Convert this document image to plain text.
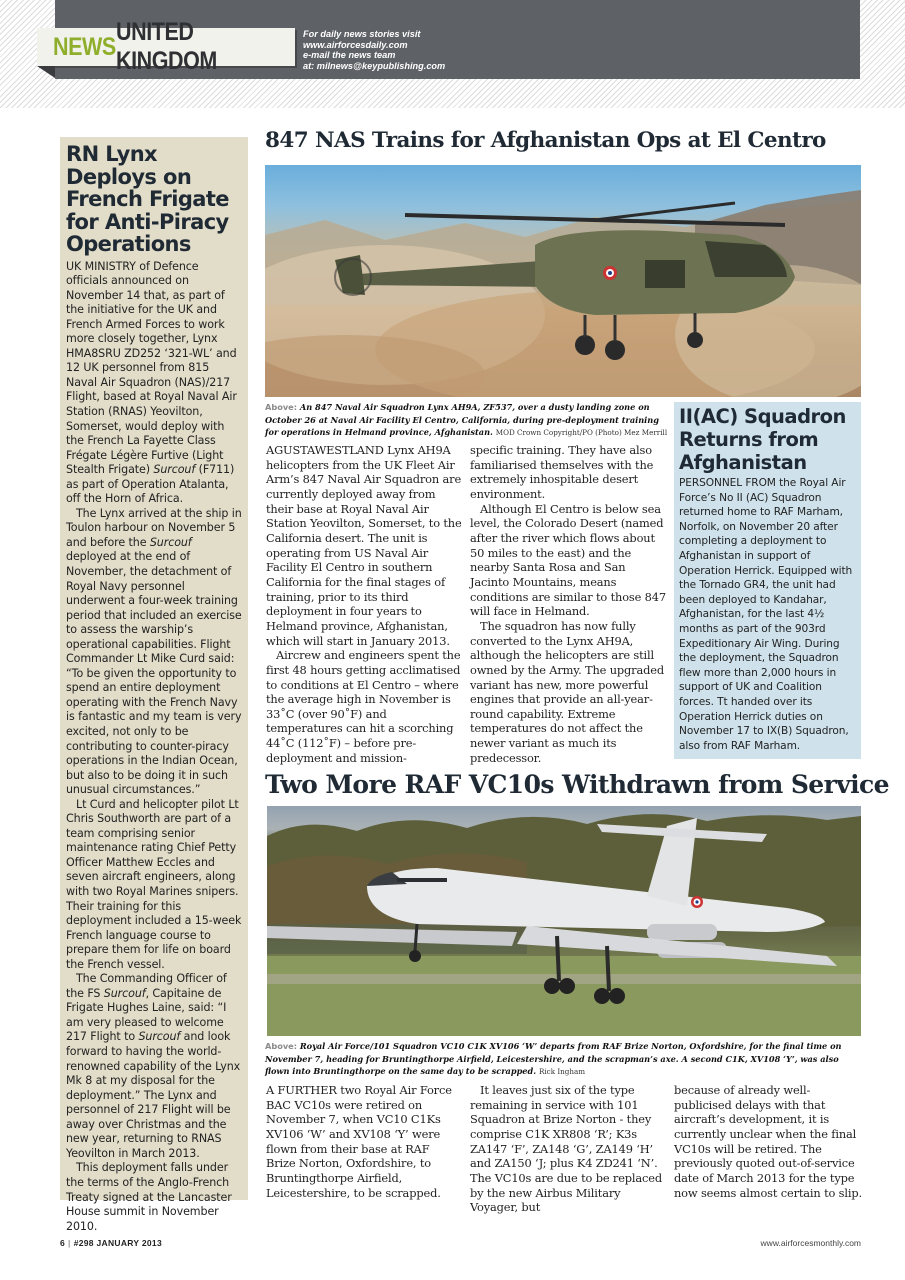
NEWS
UNITED KINGDOM
For daily news stories visit
www.airforcesdaily.com
e-mail the news team
at: milnews@keypublishing.com
RN Lynx Deploys on French Frigate for Anti-Piracy Operations

UK MINISTRY of Defence officials announced on November 14 that, as part of the initiative for the UK and French Armed Forces to work more closely together, Lynx HMA8SRU ZD252 ‘321-WL’ and 12 UK personnel from 815 Naval Air Squadron (NAS)/217 Flight, based at Royal Naval Air Station (RNAS) Yeovilton, Somerset, would deploy with the French La Fayette Class Frégate Légère Furtive (Light Stealth Frigate) Surcouf (F711) as part of Operation Atalanta, off the Horn of Africa.

The Lynx arrived at the ship in Toulon harbour on November 5 and before the Surcouf deployed at the end of November, the detachment of Royal Navy personnel underwent a four-week training period that included an exercise to assess the warship’s operational capabilities. Flight Commander Lt Mike Curd said: “To be given the opportunity to spend an entire deployment operating with the French Navy is fantastic and my team is very excited, not only to be contributing to counter-piracy operations in the Indian Ocean, but also to be doing it in such unusual circumstances.”

Lt Curd and helicopter pilot Lt Chris Southworth are part of a team comprising senior maintenance rating Chief Petty Officer Matthew Eccles and seven aircraft engineers, along with two Royal Marines snipers. Their training for this deployment included a 15-week French language course to prepare them for life on board the French vessel.

The Commanding Officer of the FS Surcouf, Capitaine de Frigate Hughes Laine, said: “I am very pleased to welcome 217 Flight to Surcouf and look forward to having the world-renowned capability of the Lynx Mk 8 at my disposal for the deployment.” The Lynx and personnel of 217 Flight will be away over Christmas and the new year, returning to RNAS Yeovilton in March 2013.

This deployment falls under the terms of the Anglo-French Treaty signed at the Lancaster House summit in November 2010.

847 NAS Trains for Afghanistan Ops at El Centro
Above: An 847 Naval Air Squadron Lynx AH9A, ZF537, over a dusty landing zone on October 26 at Naval Air Facility El Centro, California, during pre-deployment training for operations in Helmand province, Afghanistan. MOD Crown Copyright/PO (Photo) Mez Merrill

AGUSTAWESTLAND Lynx AH9A helicopters from the UK Fleet Air Arm’s 847 Naval Air Squadron are currently deployed away from their base at Royal Naval Air Station Yeovilton, Somerset, to the California desert. The unit is operating from US Naval Air Facility El Centro in southern California for the final stages of training, prior to its third deployment in four years to Helmand province, Afghanistan, which will start in January 2013.

Aircrew and engineers spent the first 48 hours getting acclimatised to conditions at El Centro – where the average high in November is 33˚C (over 90˚F) and temperatures can hit a scorching 44˚C (112˚F) – before pre-deployment and mission-

specific training. They have also familiarised themselves with the extremely inhospitable desert environment.

Although El Centro is below sea level, the Colorado Desert (named after the river which flows about 50 miles to the east) and the nearby Santa Rosa and San Jacinto Mountains, means conditions are similar to those 847 will face in Helmand.

The squadron has now fully converted to the Lynx AH9A, although the helicopters are still owned by the Army. The upgraded variant has new, more powerful engines that provide an all-year-round capability. Extreme temperatures do not affect the newer variant as much its predecessor.

II(AC) Squadron Returns from Afghanistan
PERSONNEL FROM the Royal Air Force’s No II (AC) Squadron returned home to RAF Marham, Norfolk, on November 20 after completing a deployment to Afghanistan in support of Operation Herrick. Equipped with the Tornado GR4, the unit had been deployed to Kandahar, Afghanistan, for the last 4½ months as part of the 903rd Expeditionary Air Wing. During the deployment, the Squadron flew more than 2,000 hours in support of UK and Coalition forces. Tt handed over its Operation Herrick duties on November 17 to IX(B) Squadron, also from RAF Marham.
Two More RAF VC10s Withdrawn from Service
Above: Royal Air Force/101 Squadron VC10 C1K XV106 ‘W’ departs from RAF Brize Norton, Oxfordshire, for the final time on November 7, heading for Bruntingthorpe Airfield, Leicestershire, and the scrapman’s axe. A second C1K, XV108 ‘Y’, was also flown into Bruntingthorpe on the same day to be scrapped. Rick Ingham

A FURTHER two Royal Air Force BAC VC10s were retired on November 7, when VC10 C1Ks XV106 ‘W’ and XV108 ‘Y’ were flown from their base at RAF Brize Norton, Oxfordshire, to Bruntingthorpe Airfield, Leicestershire, to be scrapped.

It leaves just six of the type remaining in service with 101 Squadron at Brize Norton - they comprise C1K XR808 ‘R’; K3s ZA147 ‘F’, ZA148 ‘G’, ZA149 ‘H’ and ZA150 ‘J; plus K4 ZD241 ‘N’. The VC10s are due to be replaced by the new Airbus Military Voyager, but

because of already well-publicised delays with that aircraft’s development, it is currently unclear when the final VC10s will be retired. The previously quoted out-of-service date of March 2013 for the type now seems almost certain to slip.

6 | #298 JANUARY 2013	www.airforcesmonthly.com
